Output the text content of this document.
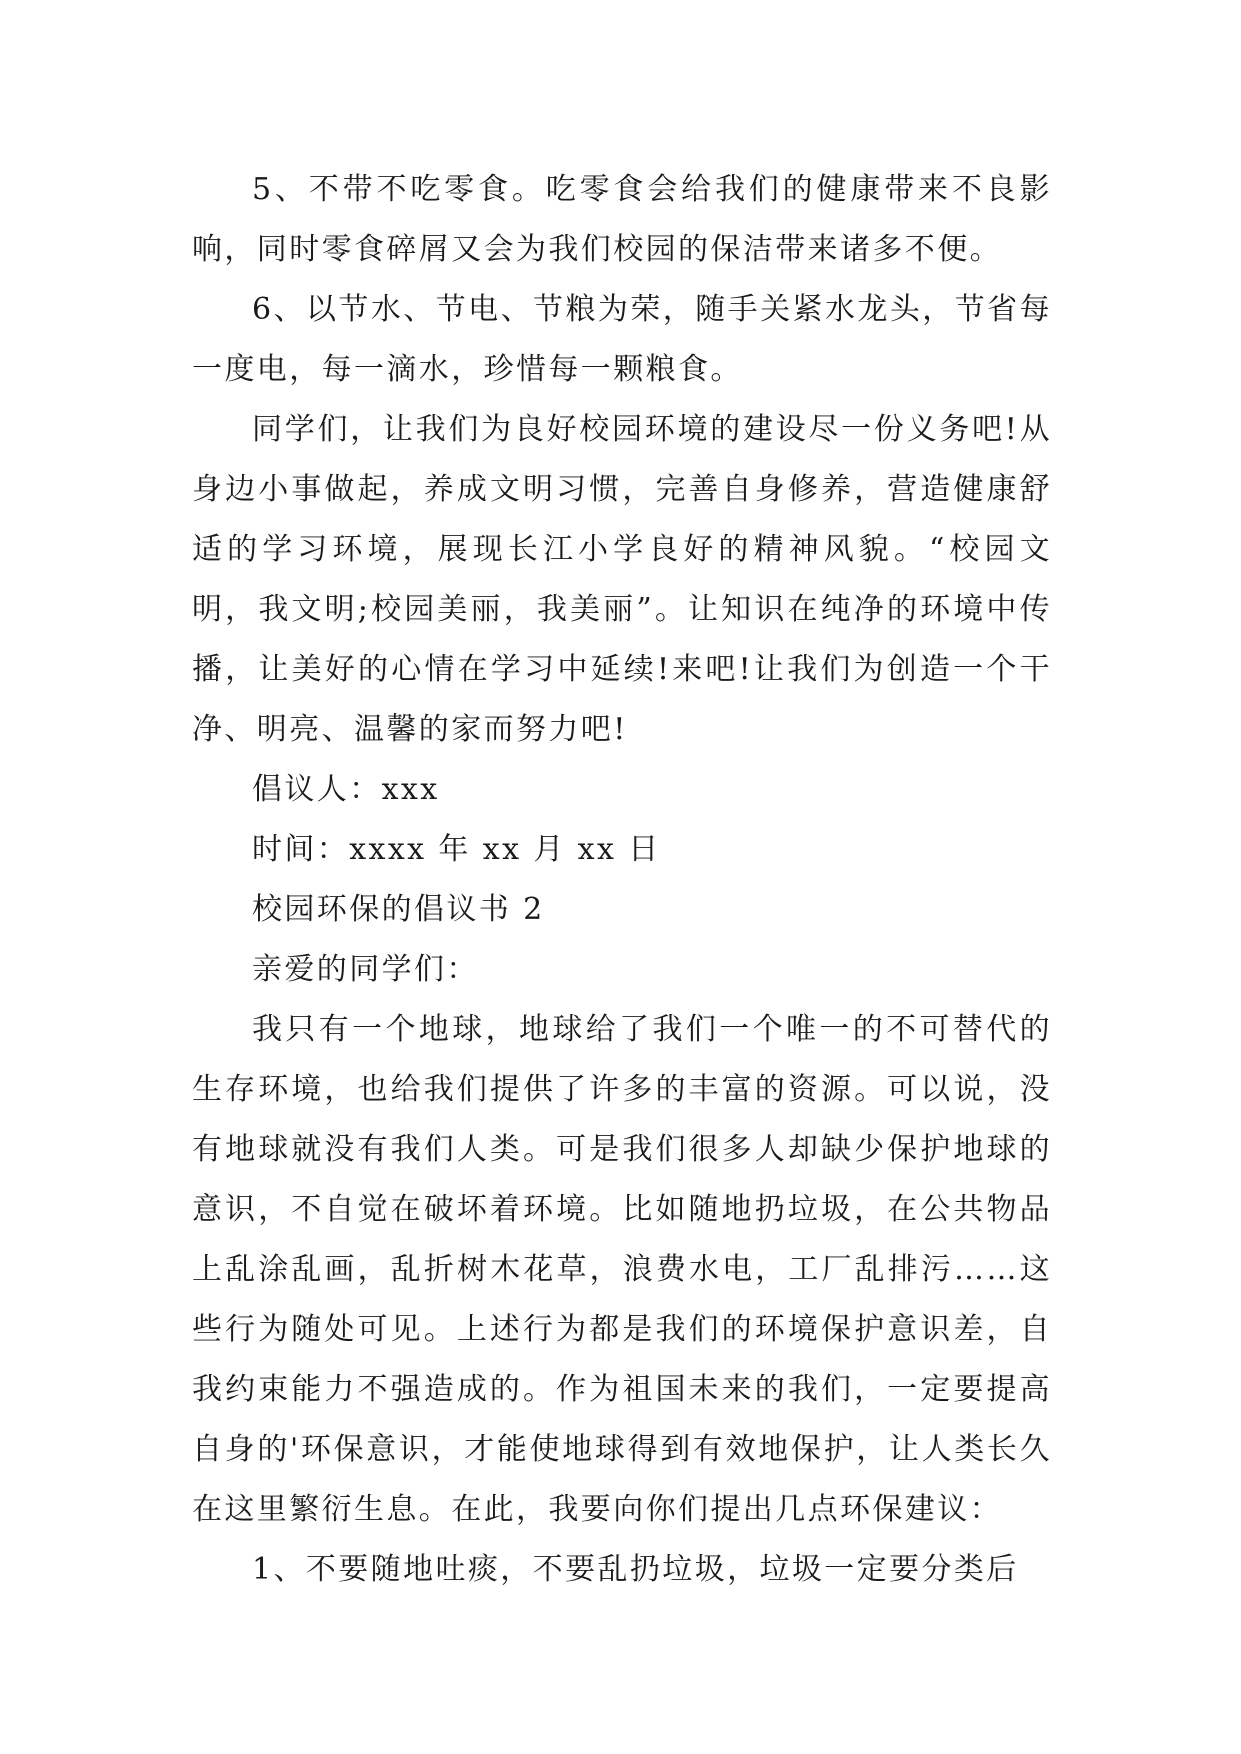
5、不带不吃零食。吃零食会给我们的健康带来不良影响，同时零食碎屑又会为我们校园的保洁带来诸多不便。

6、以节水、节电、节粮为荣，随手关紧水龙头，节省每一度电，每一滴水，珍惜每一颗粮食。

同学们，让我们为良好校园环境的建设尽一份义务吧!从身边小事做起，养成文明习惯，完善自身修养，营造健康舒适的学习环境，展现长江小学良好的精神风貌。“校园文明，我文明;校园美丽，我美丽”。让知识在纯净的环境中传播，让美好的心情在学习中延续!来吧!让我们为创造一个干净、明亮、温馨的家而努力吧!

倡议人：xxx

时间：xxxx 年 xx 月 xx 日

校园环保的倡议书 2

亲爱的同学们：

我只有一个地球，地球给了我们一个唯一的不可替代的生存环境，也给我们提供了许多的丰富的资源。可以说，没有地球就没有我们人类。可是我们很多人却缺少保护地球的意识，不自觉在破坏着环境。比如随地扔垃圾，在公共物品上乱涂乱画，乱折树木花草，浪费水电，工厂乱排污……这些行为随处可见。上述行为都是我们的环境保护意识差，自我约束能力不强造成的。作为祖国未来的我们，一定要提高自身的'环保意识，才能使地球得到有效地保护，让人类长久在这里繁衍生息。在此，我要向你们提出几点环保建议：

1、不要随地吐痰，不要乱扔垃圾，垃圾一定要分类后
